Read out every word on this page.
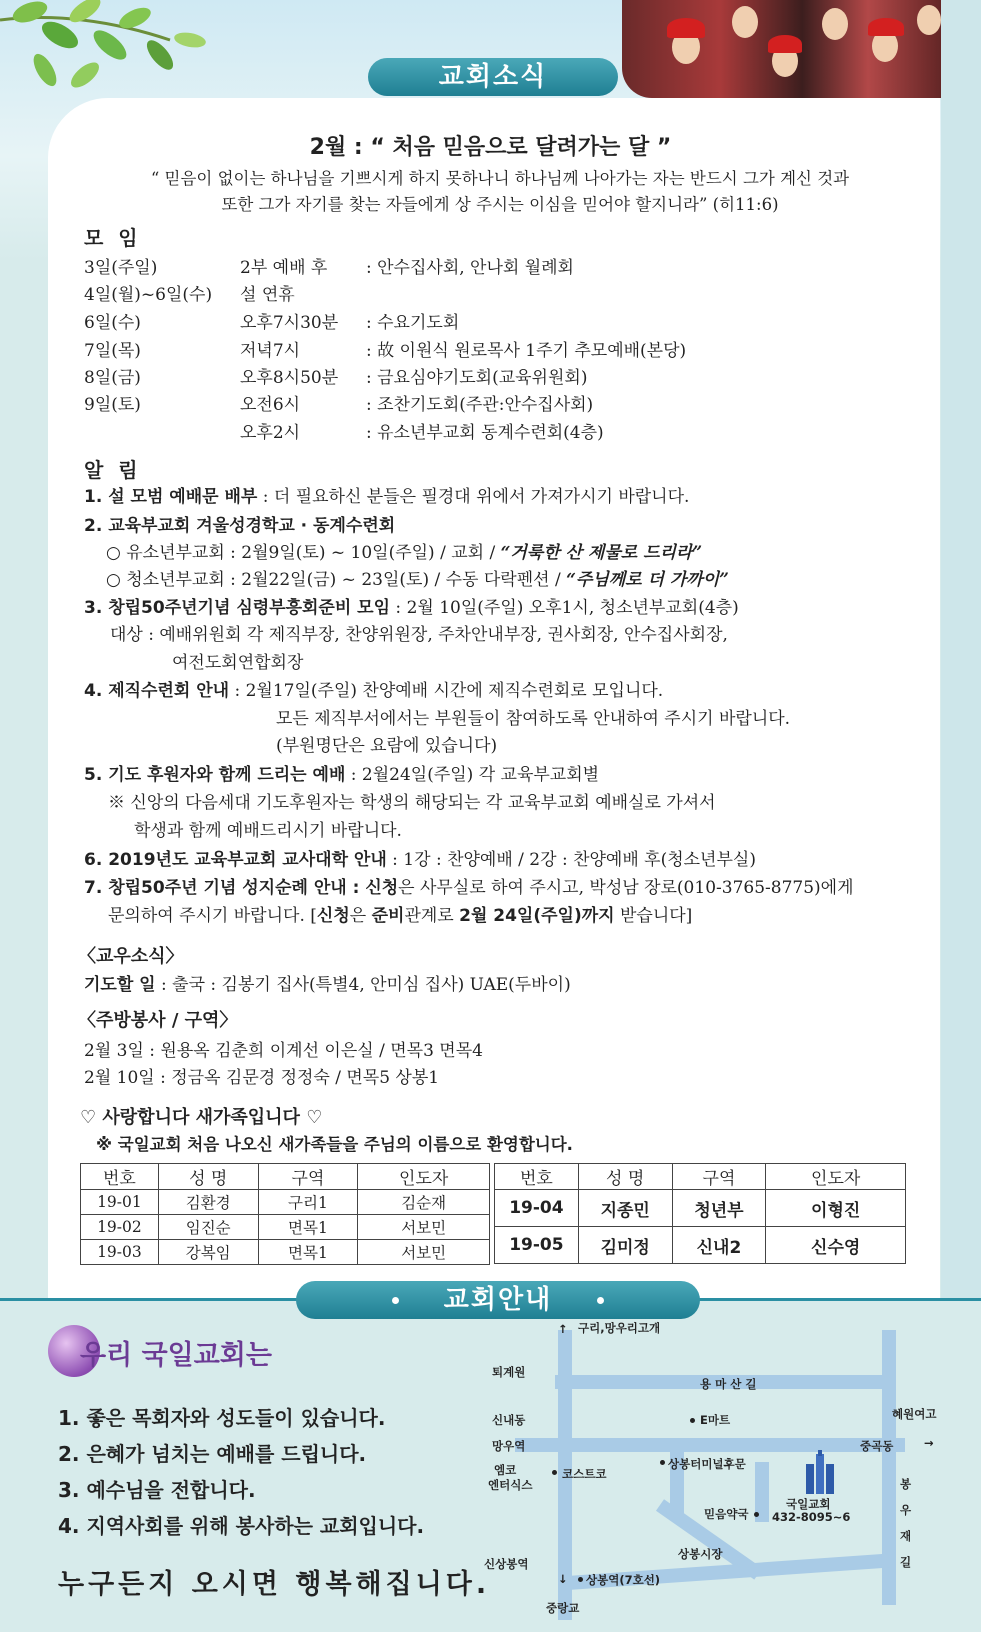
교회소식
2월 : “ 처음 믿음으로 달려가는 달 ”
“ 믿음이 없이는 하나님을 기쁘시게 하지 못하나니 하나님께 나아가는 자는 반드시 그가 계신 것과
또한 그가 자기를 찾는 자들에게 상 주시는 이심을 믿어야 할지니라” (히11:6)
모 임
3일(주일)	2부 예배 후 : 안수집사회, 안나회 월례회
4일(월)~6일(수) 설 연휴
6일(수)	오후7시30분 : 수요기도회
7일(목)	저녁7시	: 故 이원식 원로목사 1주기 추모예배(본당)
8일(금)	오후8시50분 : 금요심야기도회(교육위원회)
9일(토)	오전6시	: 조찬기도회(주관:안수집사회)
오후2시	: 유소년부교회 동계수련회(4층)
알 림
1. 설 모범 예배문 배부 : 더 필요하신 분들은 필경대 위에서 가져가시기 바랍니다.
2. 교육부교회 겨울성경학교 · 동계수련회
○ 유소년부교회 : 2월9일(토) ~ 10일(주일) / 교회 / “거룩한 산 제물로 드리라”
○ 청소년부교회 : 2월22일(금) ~ 23일(토) / 수동 다락펜션 / “주님께로 더 가까이”
3. 창립50주년기념 심령부흥회준비 모임 : 2월 10일(주일) 오후1시, 청소년부교회(4층)
대상 : 예배위원회 각 제직부장, 찬양위원장, 주차안내부장, 권사회장, 안수집사회장,
여전도회연합회장
4. 제직수련회 안내 : 2월17일(주일) 찬양예배 시간에 제직수련회로 모입니다.
모든 제직부서에서는 부원들이 참여하도록 안내하여 주시기 바랍니다.
(부원명단은 요람에 있습니다)
5. 기도 후원자와 함께 드리는 예배 : 2월24일(주일) 각 교육부교회별
※ 신앙의 다음세대 기도후원자는 학생의 해당되는 각 교육부교회 예배실로 가셔서
학생과 함께 예배드리시기 바랍니다.
6. 2019년도 교육부교회 교사대학 안내 : 1강 : 찬양예배 / 2강 : 찬양예배 후(청소년부실)
7. 창립50주년 기념 성지순례 안내 : 신청은 사무실로 하여 주시고, 박성남 장로(010-3765-8775)에게
문의하여 주시기 바랍니다. [신청은 준비관계로 2월 24일(주일)까지 받습니다]
〈교우소식〉
기도할 일 : 출국 : 김봉기 집사(특별4, 안미심 집사) UAE(두바이)
〈주방봉사 / 구역〉
2월 3일 : 원용옥 김춘희 이계선 이은실 / 면목3 면목4
2월 10일 : 정금옥 김문경 정정숙 / 면목5 상봉1
♡ 사랑합니다 새가족입니다 ♡
※ 국일교회 처음 나오신 새가족들을 주님의 이름으로 환영합니다.
번호	성 명	구역	인도자
19-01	김환경	구리1	김순재
19-02	임진순	면목1	서보민
19-03	강복임	면목1	서보민
번호	성 명	구역	인도자
19-04	지종민	청년부	이형진
19-05	김미정	신내2	신수영
교회안내
우리 국일교회는
1. 좋은 목회자와 성도들이 있습니다.
2. 은혜가 넘치는 예배를 드립니다.
3. 예수님을 전합니다.
4. 지역사회를 위해 봉사하는 교회입니다.
누구든지 오시면 행복해집니다.
퇴계원
↑ 구리,망우리고개
용 마 산 길
신내동	E마트	혜원여고
망우역	중곡동	→
엠코
엔터식스
코스트코
상봉터미널후문
국일교회
432-8095~6
믿음약국
봉
우
재
길
상봉시장
신상봉역
↓ 상봉역(7호선)
중랑교
